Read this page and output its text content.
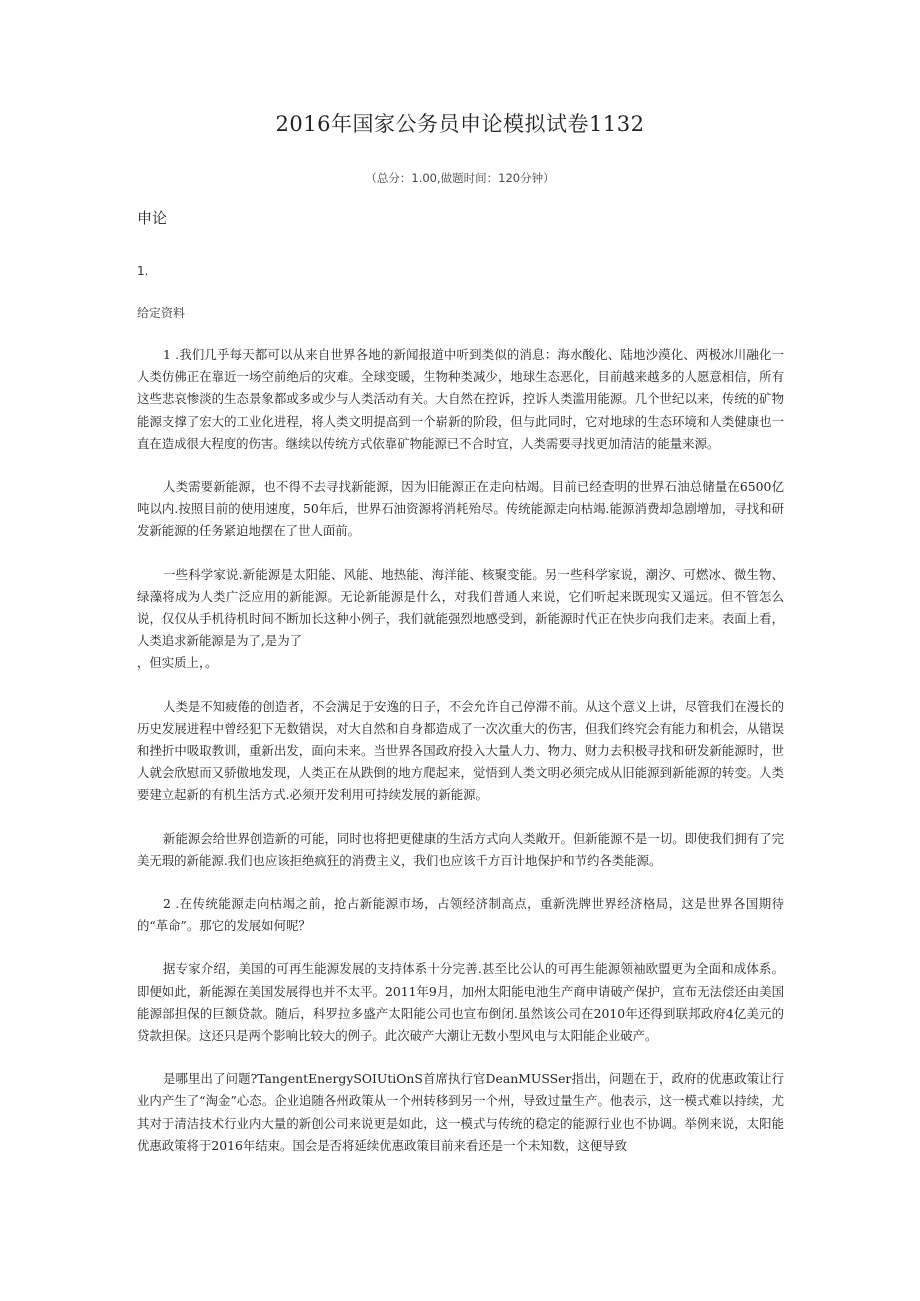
2016年国家公务员申论模拟试卷1132
（总分：1.00,做题时间：120分钟）
申论
1.
给定资料

1 .我们几乎每天都可以从来自世界各地的新闻报道中听到类似的消息：海水酸化、陆地沙漠化、两极冰川融化一人类仿佛正在靠近一场空前绝后的灾难。全球变暖，生物种类减少，地球生态恶化，目前越来越多的人愿意相信，所有这些悲哀惨淡的生态景象都或多或少与人类活动有关。大自然在控诉，控诉人类滥用能源。几个世纪以来，传统的矿物能源支撑了宏大的工业化进程，将人类文明提高到一个崭新的阶段，但与此同时，它对地球的生态环境和人类健康也一直在造成很大程度的伤害。继续以传统方式依靠矿物能源已不合时宜，人类需要寻找更加清洁的能量来源。

人类需要新能源，也不得不去寻找新能源，因为旧能源正在走向枯竭。目前已经查明的世界石油总储量在6500亿吨以内.按照目前的使用速度，50年后，世界石油资源将消耗殆尽。传统能源走向枯竭.能源消费却急剧增加，寻找和研发新能源的任务紧迫地摆在了世人面前。

一些科学家说.新能源是太阳能、风能、地热能、海洋能、核聚变能。另一些科学家说，潮汐、可燃冰、微生物、绿藻将成为人类广泛应用的新能源。无论新能源是什么，对我们普通人来说，它们听起来既现实又遥远。但不管怎么说，仅仅从手机待机时间不断加长这种小例子，我们就能强烈地感受到，新能源时代正在快步向我们走来。表面上看，人类追求新能源是为了,是为了

，但实质上，。

人类是不知疲倦的创造者，不会满足于安逸的日子，不会允许自己停滞不前。从这个意义上讲，尽管我们在漫长的历史发展进程中曾经犯下无数错误，对大自然和自身都造成了一次次重大的伤害，但我们终究会有能力和机会，从错误和挫折中吸取教训，重新出发，面向未来。当世界各国政府投入大量人力、物力、财力去积极寻找和研发新能源时，世人就会欣慰而又骄傲地发现，人类正在从跌倒的地方爬起来，觉悟到人类文明必须完成从旧能源到新能源的转变。人类要建立起新的有机生活方式.必须开发利用可持续发展的新能源。

新能源会给世界创造新的可能，同时也将把更健康的生活方式向人类敞开。但新能源不是一切。即使我们拥有了完美无瑕的新能源.我们也应该拒绝疯狂的消费主义，我们也应该千方百计地保护和节约各类能源。

2 .在传统能源走向枯竭之前，抢占新能源市场，占领经济制高点，重新洗牌世界经济格局，这是世界各国期待的“革命”。那它的发展如何呢？

据专家介绍，美国的可再生能源发展的支持体系十分完善.甚至比公认的可再生能源领袖欧盟更为全面和成体系。即便如此，新能源在美国发展得也并不太平。2011年9月，加州太阳能电池生产商申请破产保护，宣布无法偿还由美国能源部担保的巨额贷款。随后，科罗拉多盛产太阳能公司也宣布倒闭.虽然该公司在2010年还得到联邦政府4亿美元的贷款担保。这还只是两个影响比较大的例子。此次破产大潮让无数小型风电与太阳能企业破产。

是哪里出了问题?TangentEnergySOIUtiOnS首席执行官DeanMUSSer指出，问题在于，政府的优惠政策让行业内产生了“淘金”心态。企业追随各州政策从一个州转移到另一个州，导致过量生产。他表示，这一模式难以持续，尤其对于清洁技术行业内大量的新创公司来说更是如此，这一模式与传统的稳定的能源行业也不协调。举例来说，太阳能优惠政策将于2016年结束。国会是否将延续优惠政策目前来看还是一个未知数，这便导致
